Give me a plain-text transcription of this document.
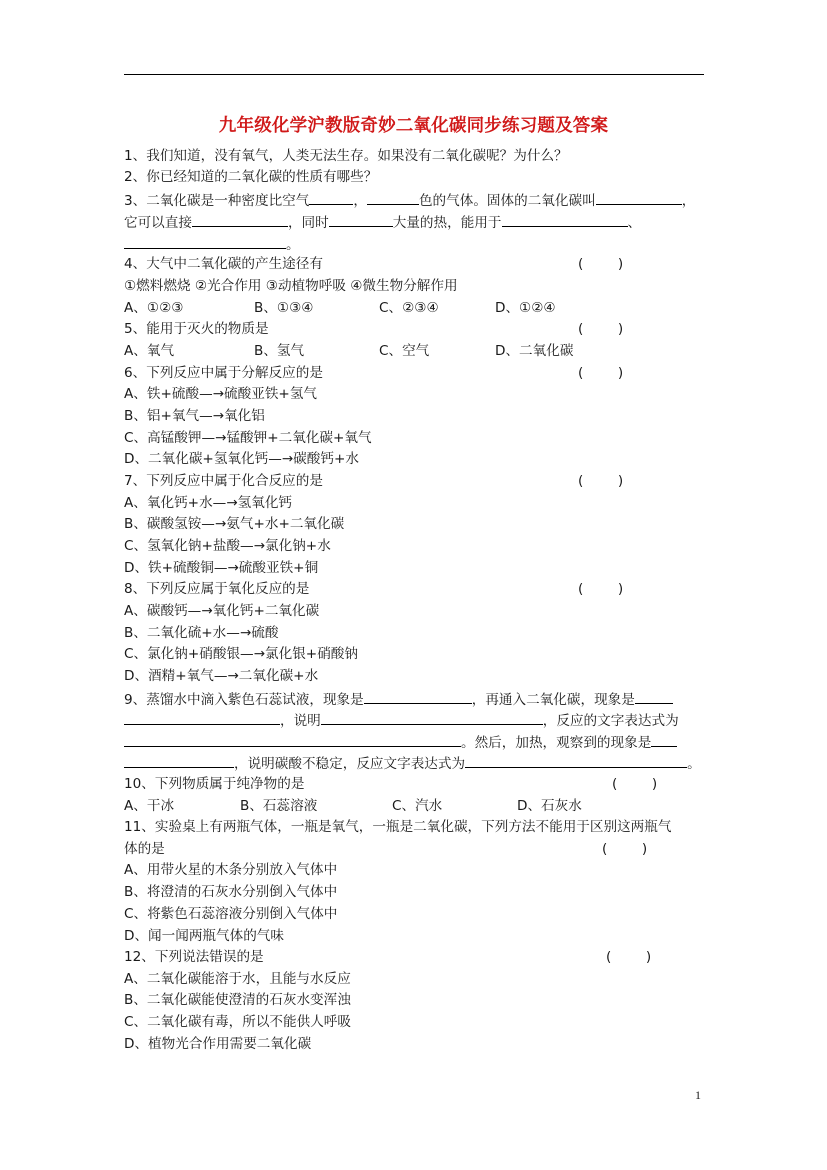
九年级化学沪教版奇妙二氧化碳同步练习题及答案
1、我们知道，没有氧气，人类无法生存。如果没有二氧化碳呢？为什么？
2、你已经知道的二氧化碳的性质有哪些？
3、二氧化碳是一种密度比空气	，	色的气体。固体的二氧化碳叫	，
它可以直接	，同时	大量的热，能用于	、
。
4、大气中二氧化碳的产生途径有	(        )
①燃料燃烧 ②光合作用 ③动植物呼吸 ④微生物分解作用
A、①②③	B、①③④	C、②③④	D、①②④
5、能用于灭火的物质是	(        )
A、氧气	B、氢气	C、空气	D、二氧化碳
6、下列反应中属于分解反应的是	(        )
A、铁+硫酸—→硫酸亚铁+氢气
B、铝+氧气—→氧化铝
C、高锰酸钾—→锰酸钾+二氧化碳+氧气
D、二氧化碳+氢氧化钙—→碳酸钙+水
7、下列反应中属于化合反应的是	(        )
A、氧化钙+水—→氢氧化钙
B、碳酸氢铵—→氨气+水+二氧化碳
C、氢氧化钠+盐酸—→氯化钠+水
D、铁+硫酸铜—→硫酸亚铁+铜
8、下列反应属于氧化反应的是	(        )
A、碳酸钙—→氧化钙+二氧化碳
B、二氧化硫+水—→硫酸
C、氯化钠+硝酸银—→氯化银+硝酸钠
D、酒精+氧气—→二氧化碳+水
9、蒸馏水中滴入紫色石蕊试液，现象是	，再通入二氧化碳，现象是
，说明	，反应的文字表达式为
。然后，加热，观察到的现象是
，说明碳酸不稳定，反应文字表达式为	。
10、下列物质属于纯净物的是	(        )
A、干冰	B、石蕊溶液	C、汽水	D、石灰水
11、实验桌上有两瓶气体，一瓶是氧气，一瓶是二氧化碳，下列方法不能用于区别这两瓶气
体的是	(        )
A、用带火星的木条分别放入气体中
B、将澄清的石灰水分别倒入气体中
C、将紫色石蕊溶液分别倒入气体中
D、闻一闻两瓶气体的气味
12、下列说法错误的是	(        )
A、二氧化碳能溶于水，且能与水反应
B、二氧化碳能使澄清的石灰水变浑浊
C、二氧化碳有毒，所以不能供人呼吸
D、植物光合作用需要二氧化碳
1
